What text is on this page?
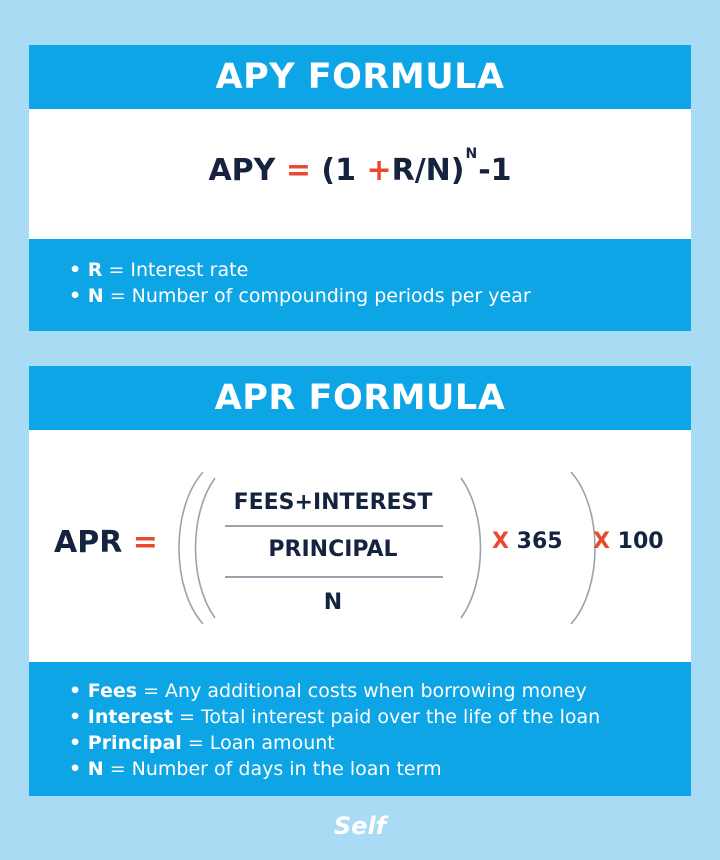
APY FORMULA
APY = $(1 +R/N)^N-1$
• R = Interest rate
• N = Number of compounding periods per year
APR FORMULA
APR =
FEES+INTEREST
PRINCIPAL
N
X 365 X 100
• Fees = Any additional costs when borrowing money
• Interest = Total interest paid over the life of the loan
• Principal = Loan amount
• N = Number of days in the loan term
Self
